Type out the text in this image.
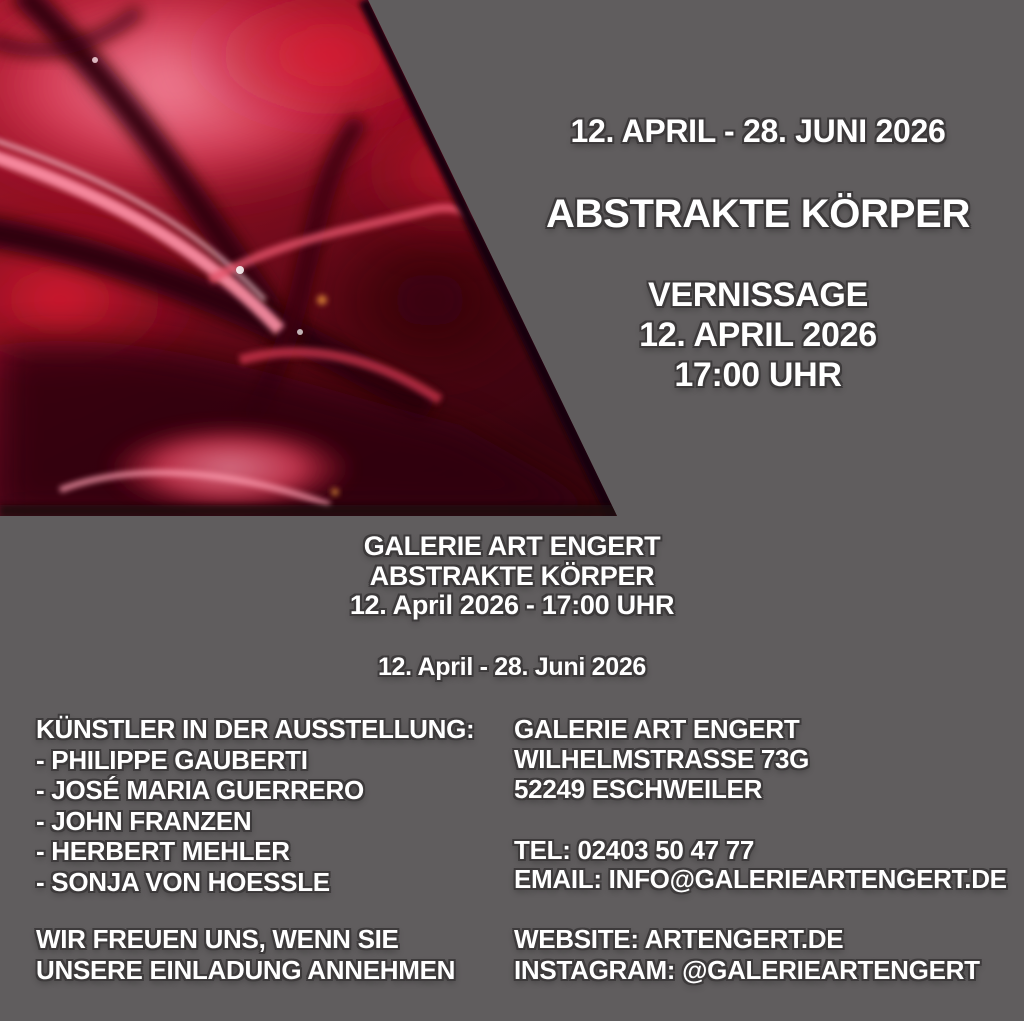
12. APRIL - 28. JUNI 2026
ABSTRAKTE KÖRPER
VERNISSAGE
12. APRIL 2026
17:00 UHR
GALERIE ART ENGERT
ABSTRAKTE KÖRPER
12. April 2026 - 17:00 UHR
12. April - 28. Juni 2026
KÜNSTLER IN DER AUSSTELLUNG:
- PHILIPPE GAUBERTI
- JOSÉ MARIA GUERRERO
- JOHN FRANZEN
- HERBERT MEHLER
- SONJA VON HOESSLE
WIR FREUEN UNS, WENN SIE
UNSERE EINLADUNG ANNEHMEN
GALERIE ART ENGERT
WILHELMSTRASSE 73G
52249 ESCHWEILER
TEL: 02403 50 47 77
EMAIL: INFO@GALERIEARTENGERT.DE
WEBSITE: ARTENGERT.DE
INSTAGRAM: @GALERIEARTENGERT
